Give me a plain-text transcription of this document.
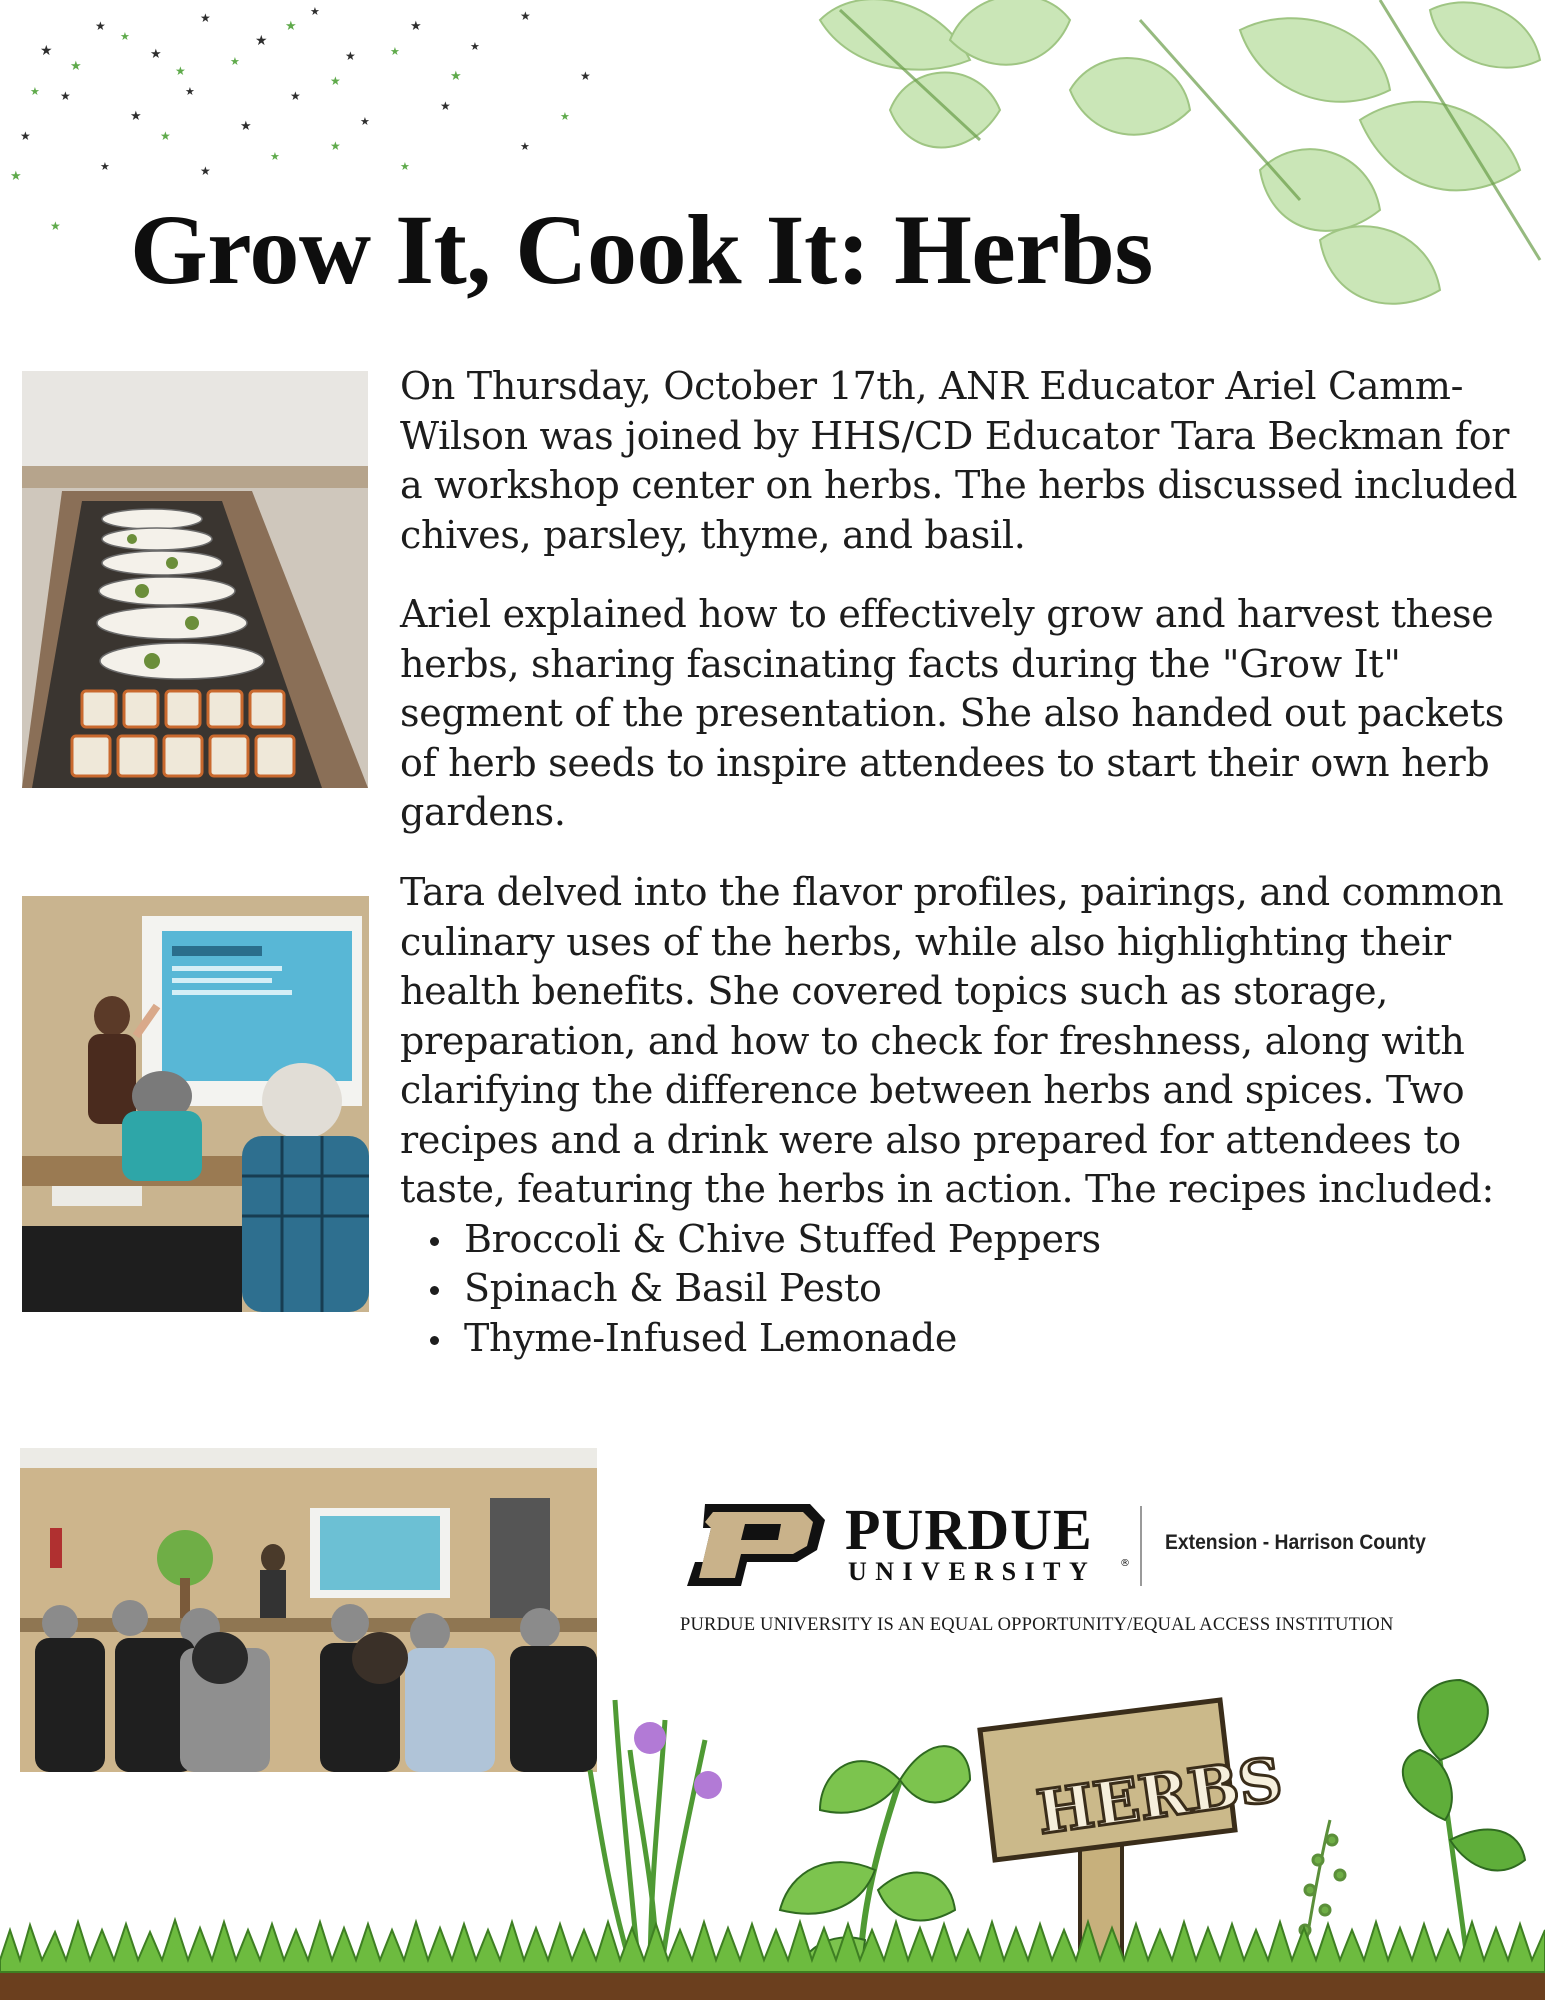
★
★
★
★
★
★
★
★
★
★
★
★
★
★
★
★
★
★	★
★
★
★
★
★
★
★
★
★
★
★
★
★
★
★
★
★
★
★
Grow It, Cook It: Herbs

On Thursday, October 17th, ANR Educator Ariel Camm-Wilson was joined by HHS/CD Educator Tara Beckman for a workshop center on herbs. The herbs discussed included chives, parsley, thyme, and basil.

Ariel explained how to effectively grow and harvest these herbs, sharing fascinating facts during the "Grow It" segment of the presentation. She also handed out packets of herb seeds to inspire attendees to start their own herb gardens.

Tara delved into the flavor profiles, pairings, and common culinary uses of the herbs, while also highlighting their health benefits. She covered topics such as storage, preparation, and how to check for freshness, along with clarifying the difference between herbs and spices. Two recipes and a drink were also prepared for attendees to taste, featuring the herbs in action. The recipes included:

Broccoli & Chive Stuffed Peppers
Spinach & Basil Pesto
Thyme-Infused Lemonade
PURDUE
UNIVERSITY ®
Extension - Harrison County
PURDUE UNIVERSITY IS AN EQUAL OPPORTUNITY/EQUAL ACCESS INSTITUTION
HERBS
